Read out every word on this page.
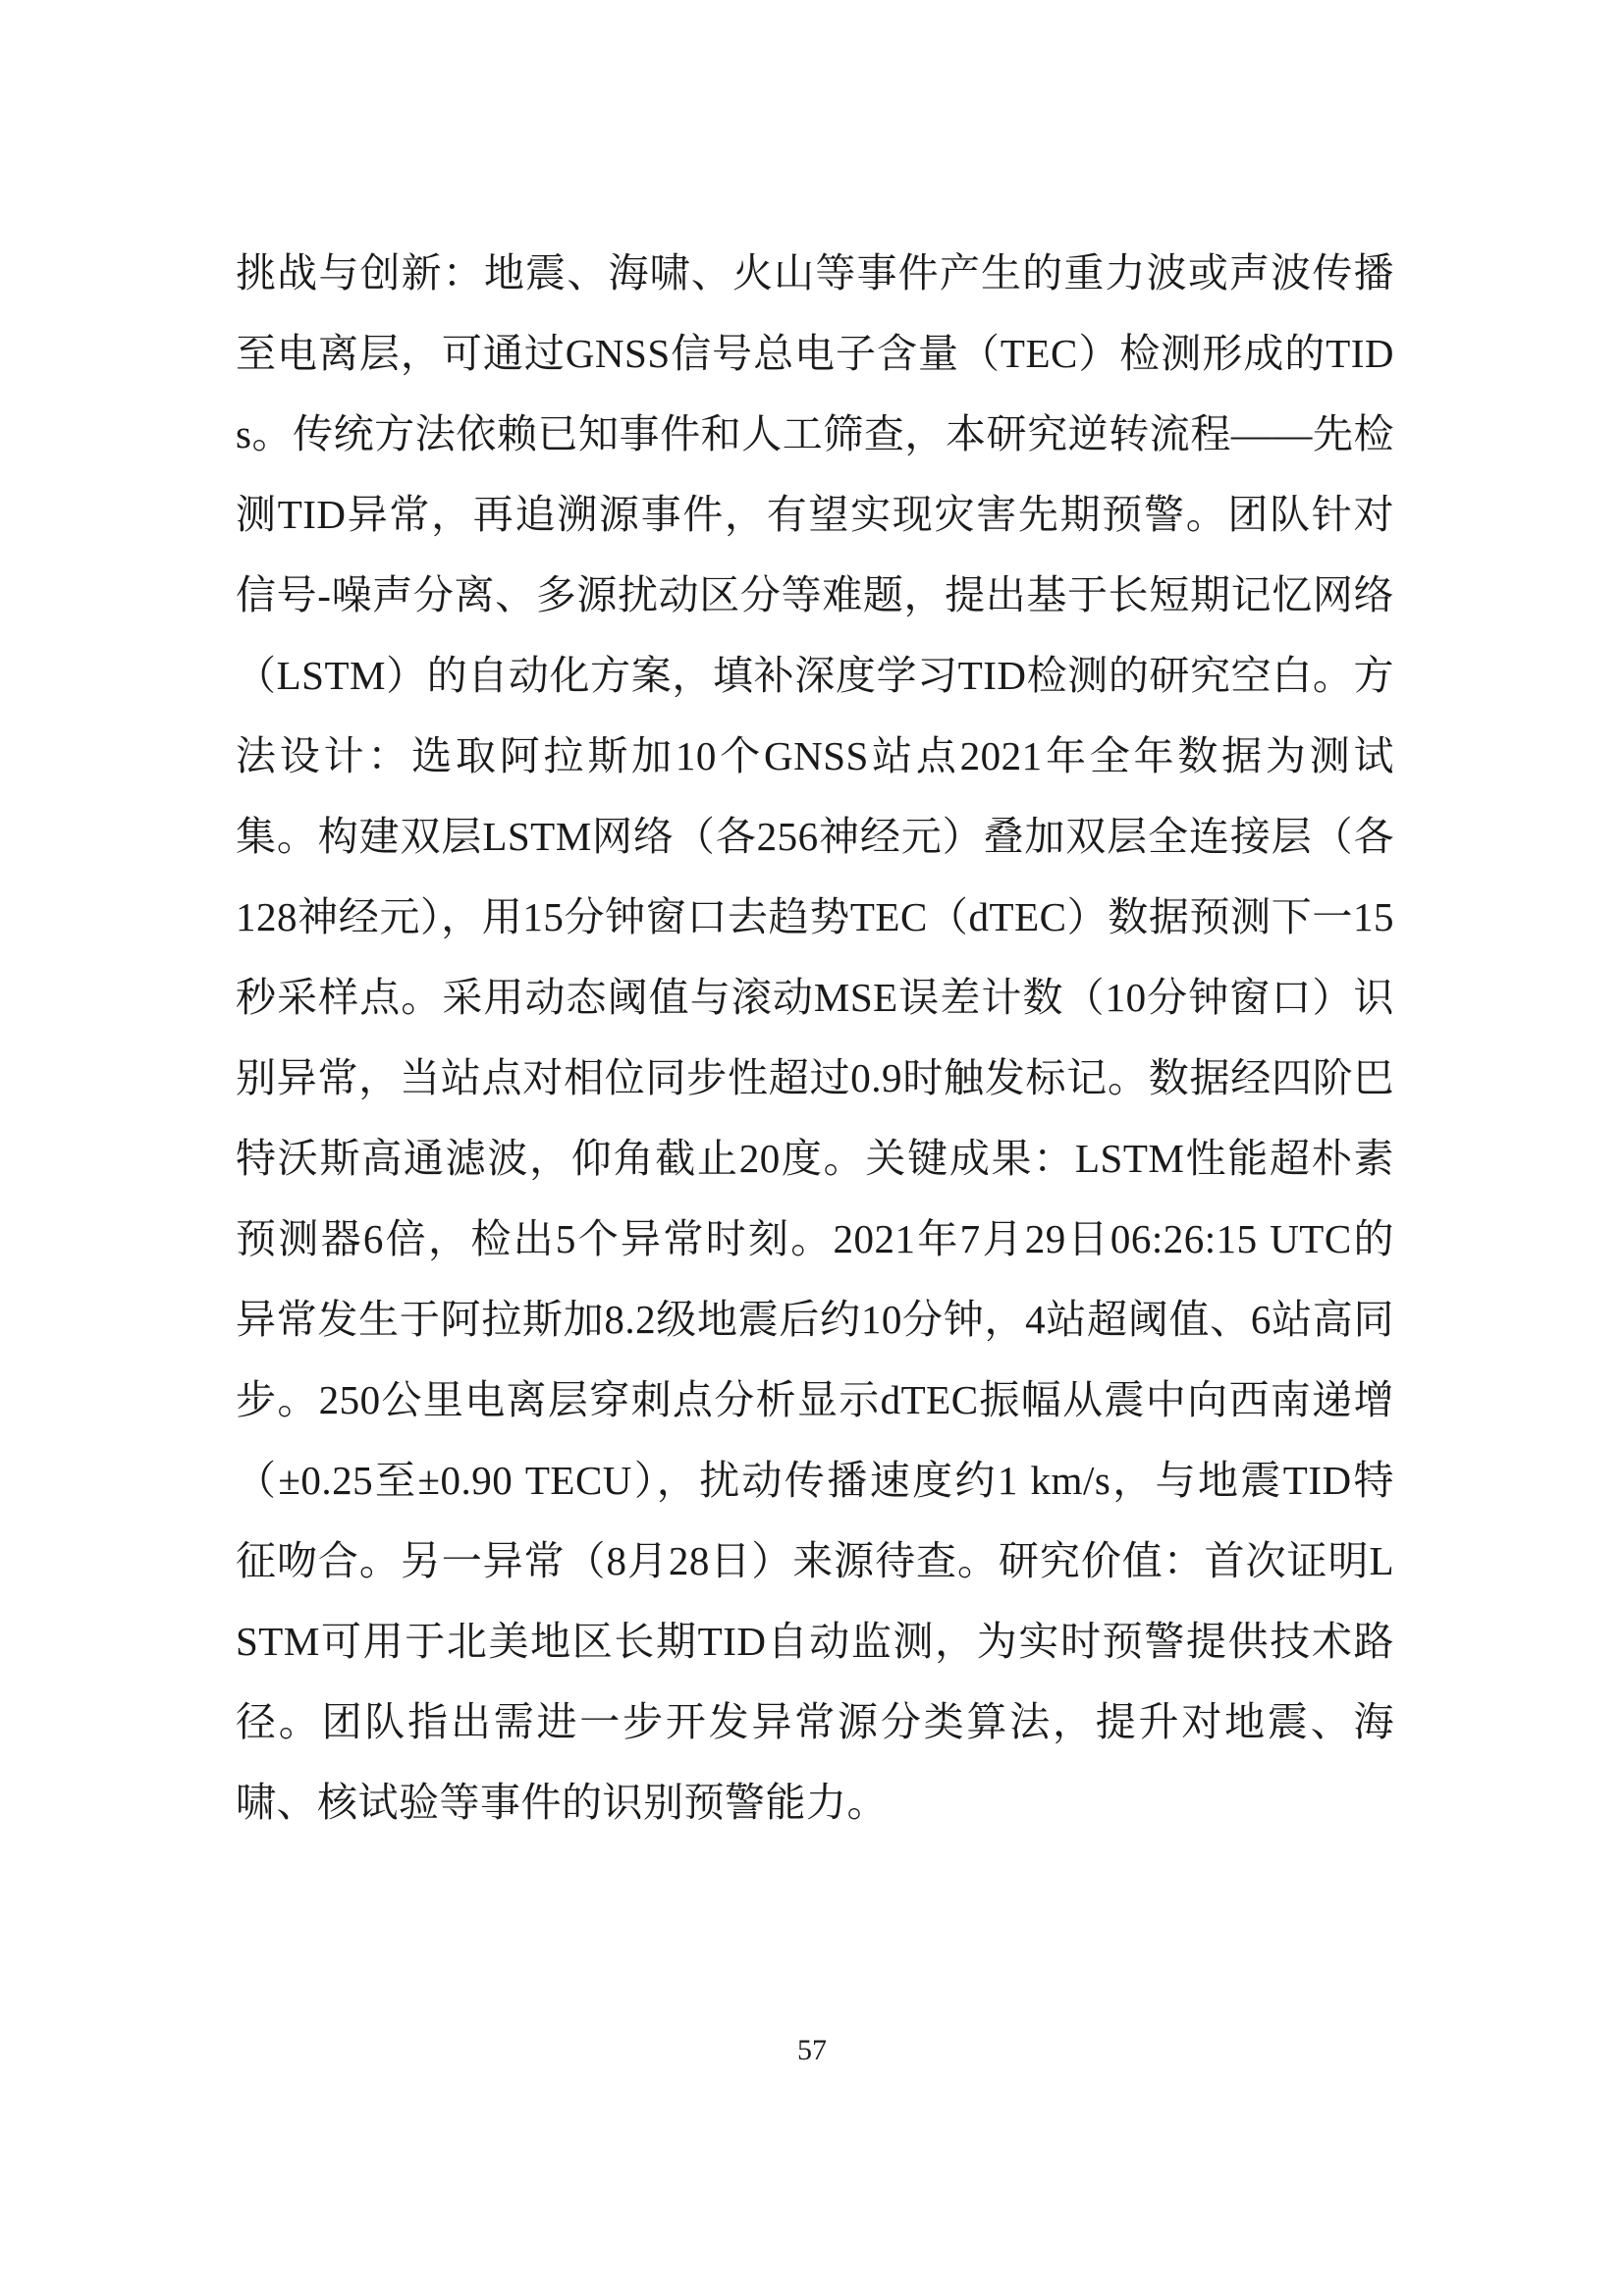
挑战与创新：地震、海啸、火山等事件产生的重力波或声波传播至电离层，可通过GNSS信号总电子含量（TEC）检测形成的TIDs。传统方法依赖已知事件和人工筛查，本研究逆转流程——先检测TID异常，再追溯源事件，有望实现灾害先期预警。团队针对信号-噪声分离、多源扰动区分等难题，提出基于长短期记忆网络（LSTM）的自动化方案，填补深度学习TID检测的研究空白。方法设计：选取阿拉斯加10个GNSS站点2021年全年数据为测试集。构建双层LSTM网络（各256神经元）叠加双层全连接层（各128神经元），用15分钟窗口去趋势TEC（dTEC）数据预测下一15秒采样点。采用动态阈值与滚动MSE误差计数（10分钟窗口）识别异常，当站点对相位同步性超过0.9时触发标记。数据经四阶巴特沃斯高通滤波，仰角截止20度。关键成果：LSTM性能超朴素预测器6倍，检出5个异常时刻。2021年7月29日06:26:15 UTC的异常发生于阿拉斯加8.2级地震后约10分钟，4站超阈值、6站高同步。250公里电离层穿刺点分析显示dTEC振幅从震中向西南递增（±0.25至±0.90 TECU），扰动传播速度约1 km/s，与地震TID特征吻合。另一异常（8月28日）来源待查。研究价值：首次证明LSTM可用于北美地区长期TID自动监测，为实时预警提供技术路径。团队指出需进一步开发异常源分类算法，提升对地震、海啸、核试验等事件的识别预警能力。

57
